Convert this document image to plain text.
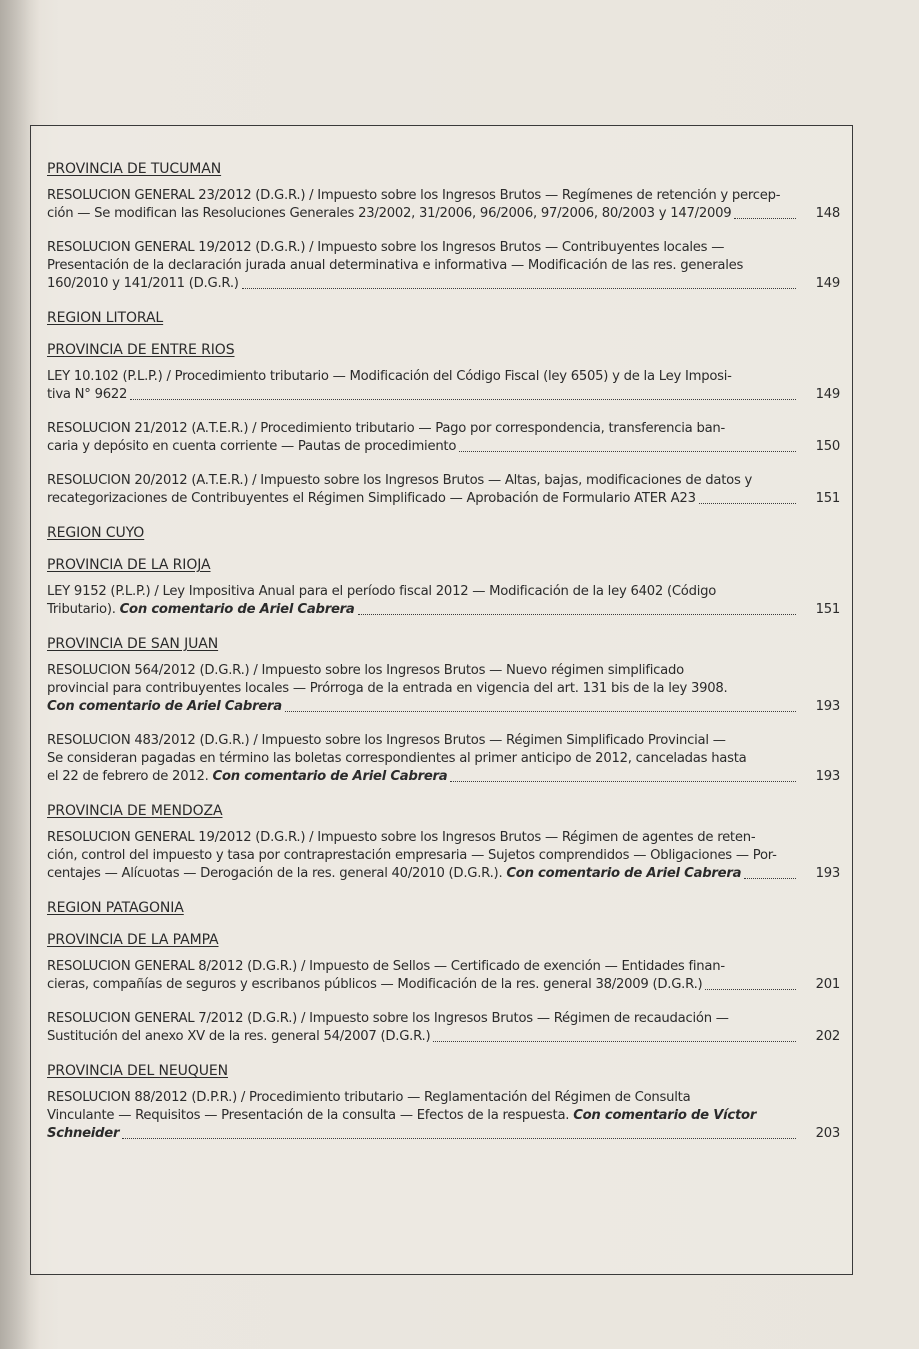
PROVINCIA DE TUCUMAN
RESOLUCION GENERAL 23/2012 (D.G.R.) / Impuesto sobre los Ingresos Brutos — Regímenes de retención y percep-
ción — Se modifican las Resoluciones Generales 23/2002, 31/2006, 96/2006, 97/2006, 80/2003 y 147/2009	148
RESOLUCION GENERAL 19/2012 (D.G.R.) / Impuesto sobre los Ingresos Brutos — Contribuyentes locales —
Presentación de la declaración jurada anual determinativa e informativa — Modificación de las res. generales
160/2010 y 141/2011 (D.G.R.)	149
REGION LITORAL
PROVINCIA DE ENTRE RIOS
LEY 10.102 (P.L.P.) / Procedimiento tributario — Modificación del Código Fiscal (ley 6505) y de la Ley Imposi-
tiva N° 9622	149
RESOLUCION 21/2012 (A.T.E.R.) / Procedimiento tributario — Pago por correspondencia, transferencia ban-
caria y depósito en cuenta corriente — Pautas de procedimiento	150
RESOLUCION 20/2012 (A.T.E.R.) / Impuesto sobre los Ingresos Brutos — Altas, bajas, modificaciones de datos y
recategorizaciones de Contribuyentes el Régimen Simplificado — Aprobación de Formulario ATER A23	151
REGION CUYO
PROVINCIA DE LA RIOJA
LEY 9152 (P.L.P.) / Ley Impositiva Anual para el período fiscal 2012 — Modificación de la ley 6402 (Código
Tributario). Con comentario de Ariel Cabrera	151
PROVINCIA DE SAN JUAN
RESOLUCION 564/2012 (D.G.R.) / Impuesto sobre los Ingresos Brutos — Nuevo régimen simplificado
provincial para contribuyentes locales — Prórroga de la entrada en vigencia del art. 131 bis de la ley 3908.
Con comentario de Ariel Cabrera	193
RESOLUCION 483/2012 (D.G.R.) / Impuesto sobre los Ingresos Brutos — Régimen Simplificado Provincial —
Se consideran pagadas en término las boletas correspondientes al primer anticipo de 2012, canceladas hasta
el 22 de febrero de 2012. Con comentario de Ariel Cabrera	193
PROVINCIA DE MENDOZA
RESOLUCION GENERAL 19/2012 (D.G.R.) / Impuesto sobre los Ingresos Brutos — Régimen de agentes de reten-
ción, control del impuesto y tasa por contraprestación empresaria — Sujetos comprendidos — Obligaciones — Por-
centajes — Alícuotas — Derogación de la res. general 40/2010 (D.G.R.). Con comentario de Ariel Cabrera	193
REGION PATAGONIA
PROVINCIA DE LA PAMPA
RESOLUCION GENERAL 8/2012 (D.G.R.) / Impuesto de Sellos — Certificado de exención — Entidades finan-
cieras, compañías de seguros y escribanos públicos — Modificación de la res. general 38/2009 (D.G.R.)	201
RESOLUCION GENERAL 7/2012 (D.G.R.) / Impuesto sobre los Ingresos Brutos — Régimen de recaudación —
Sustitución del anexo XV de la res. general 54/2007 (D.G.R.)	202
PROVINCIA DEL NEUQUEN
RESOLUCION 88/2012 (D.P.R.) / Procedimiento tributario — Reglamentación del Régimen de Consulta
Vinculante — Requisitos — Presentación de la consulta — Efectos de la respuesta. Con comentario de Víctor
Schneider	203
